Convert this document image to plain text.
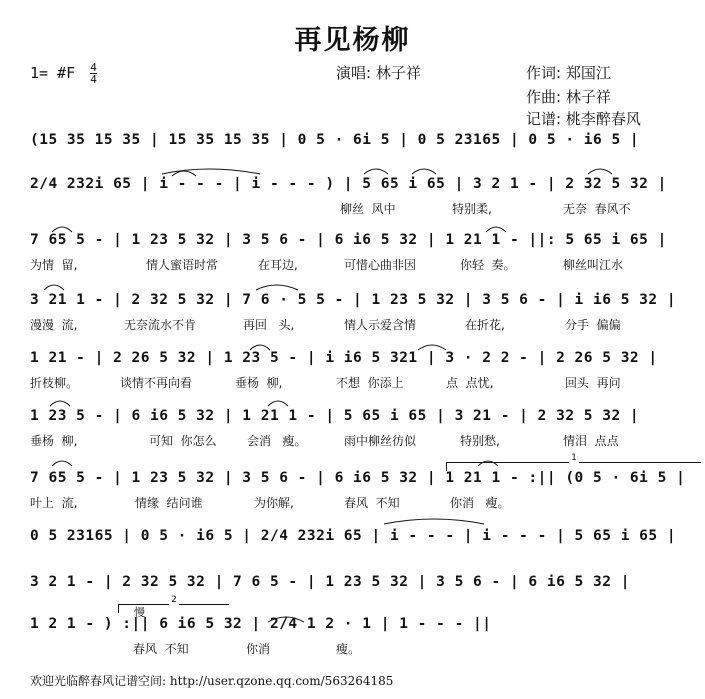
再见杨柳
1= #F $\frac{4}{4}$	演唱: 林子祥	作词: 郑国江
作曲: 林子祥
记谱: 桃李醉春风
(15 35 15 35 | 15 35 15 35 | 0 5 · 6i 5 | 0 5 23165 | 0 5 · i6 5 |
2/4 232i 65 | i - - - | i - - - ) | 5 65 i 65 | 3 2 1 - | 2 32 5 32 |
柳丝  风中	特别柔,	无奈  春风不
7 65 5 - | 1 23 5 32 | 3 5 6 - | 6 i6 5 32 | 1 21 1 - ||: 5 65 i 65 |
为情  留,	情人蜜语时常	在耳边,	可惜心曲非因	你轻  奏。	柳丝叫江水
3 21 1 - | 2 32 5 32 | 7 6 · 5 5 - | 1 23 5 32 | 3 5 6 - | i i6 5 32 |
漫漫  流,	无奈流水不肯	再回   头,	情人示爱含情	在折花,	分手  偏偏
1 21 - | 2 26 5 32 | 1 23 5 - | i i6 5 321 | 3 · 2 2 - | 2 26 5 32 |
折枝柳。	谈情不再向看	垂杨  柳,	不想  你添上	点  点忧,	回头  再问
1 23 5 - | 6 i6 5 32 | 1 21 1 - | 5 65 i 65 | 3 21 - | 2 32 5 32 |
垂杨  柳,	可知  你怎么	会消   瘦。	雨中柳丝彷似	特别愁,	情泪  点点
7 65 5 - | 1 23 5 32 | 3 5 6 - | 6 i6 5 32 | 1 21 1 - :|| (0 5 · 6i 5 |
叶上  流,	情缘  结问谁	为你解,	春风  不知	你消   瘦。
0 5 23165 | 0 5 · i6 5 | 2/4 232i 65 | i - - - | i - - - | 5 65 i 65 |
3 2 1 - | 2 32 5 32 | 7 6 5 - | 1 23 5 32 | 3 5 6 - | 6 i6 5 32 |
1 2 1 - ) :|| 6 i6 5 32 | 2/4 1 2 · 1 | 1 - - - ||
春风  不知	你消	瘦。
1
2
慢
欢迎光临醉春风记谱空间: http://user.qzone.qq.com/563264185
